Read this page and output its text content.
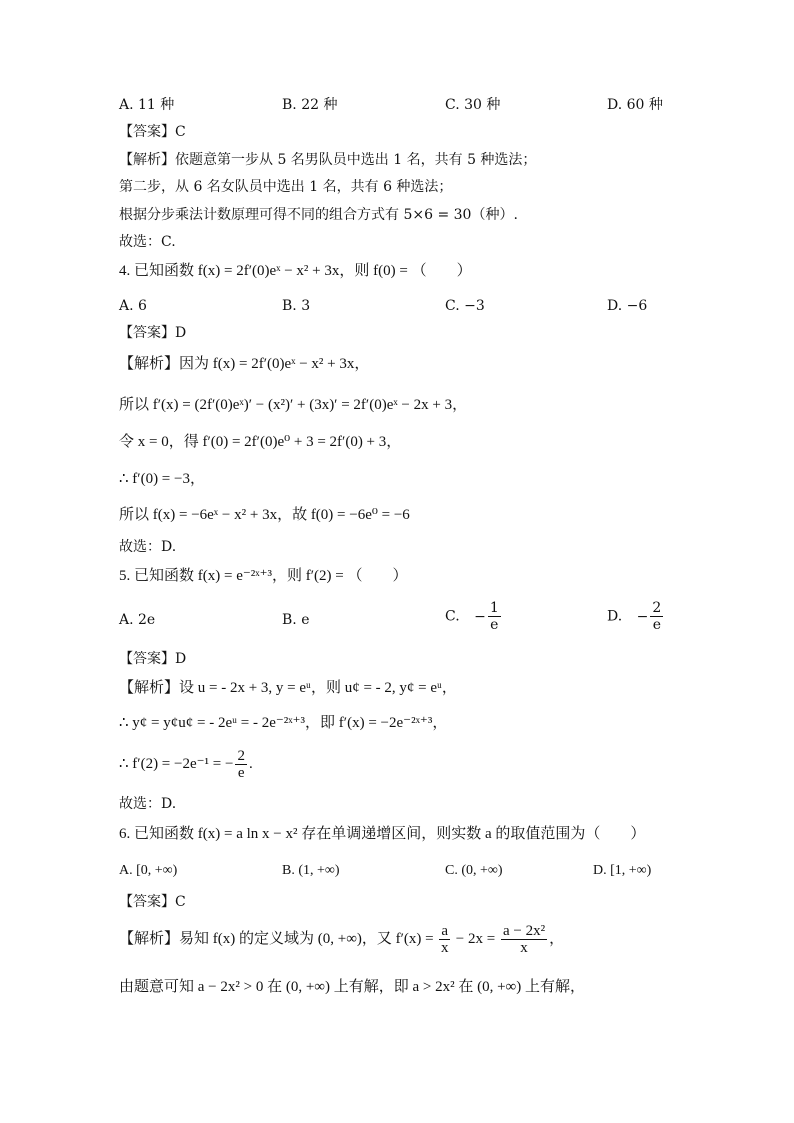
A. 11 种	B. 22 种	C. 30 种	D. 60 种
【答案】C
【解析】依题意第一步从 5 名男队员中选出 1 名，共有 5 种选法；
第二步，从 6 名女队员中选出 1 名，共有 6 种选法；
根据分步乘法计数原理可得不同的组合方式有 5×6 = 30（种）.
故选：C.
4. 已知函数 f(x) = 2f′(0)eˣ − x² + 3x，则 f(0) = （　　）
A. 6	B. 3	C. −3	D. −6
【答案】D
【解析】因为 f(x) = 2f′(0)eˣ − x² + 3x，
所以 f′(x) = (2f′(0)eˣ)′ − (x²)′ + (3x)′ = 2f′(0)eˣ − 2x + 3，
令 x = 0，得 f′(0) = 2f′(0)e⁰ + 3 = 2f′(0) + 3，
∴ f′(0) = −3，
所以 f(x) = −6eˣ − x² + 3x，故 f(0) = −6e⁰ = −6
故选：D.
5. 已知函数 f(x) = e⁻²ˣ⁺³，则 f′(2) = （　　）
A. 2e	B. e	C. − $\frac{1}{e}$	D. − $\frac{2}{e}$
【答案】D
【解析】设 u = - 2x + 3, y = eᵘ，则 u¢ = - 2, y¢ = eᵘ，
∴ y¢ = y¢u¢ = - 2eᵘ = - 2e⁻²ˣ⁺³，即 f′(x) = −2e⁻²ˣ⁺³，
∴ f′(2) = −2e⁻¹ = − $\frac{2}{e}$ .
故选：D.
6. 已知函数 f(x) = a ln x − x² 存在单调递增区间，则实数 a 的取值范围为（　　）
A. [0, +∞)	B. (1, +∞)	C. (0, +∞)	D. [1, +∞)
【答案】C
【解析】易知 f(x) 的定义域为 (0, +∞)，又 $f'(x) = \frac{a}{x} - 2x = \frac{\text{a − 2x²}}{x}$ ，
由题意可知 a − 2x² > 0 在 (0, +∞) 上有解，即 a > 2x² 在 (0, +∞) 上有解，
